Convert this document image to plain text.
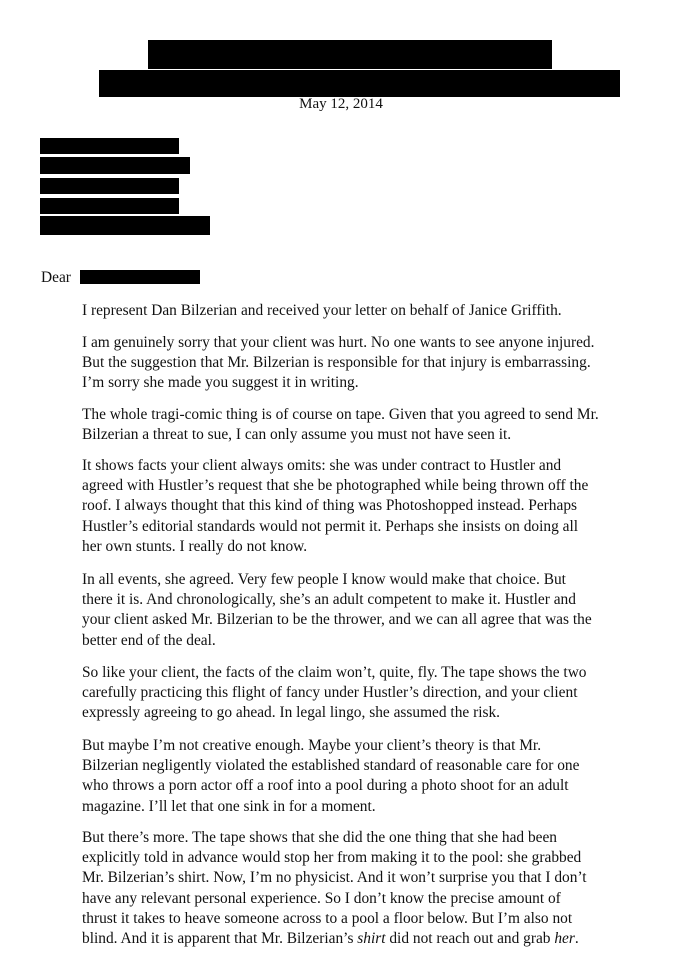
May 12, 2014
Dear

I represent Dan Bilzerian and received your letter on behalf of Janice Griffith.

I am genuinely sorry that your client was hurt. No one wants to see anyone injured.

But the suggestion that Mr. Bilzerian is responsible for that injury is embarrassing.

I’m sorry she made you suggest it in writing.

The whole tragi-comic thing is of course on tape. Given that you agreed to send Mr.

Bilzerian a threat to sue, I can only assume you must not have seen it.

It shows facts your client always omits: she was under contract to Hustler and

agreed with Hustler’s request that she be photographed while being thrown off the

roof. I always thought that this kind of thing was Photoshopped instead. Perhaps

Hustler’s editorial standards would not permit it. Perhaps she insists on doing all

her own stunts. I really do not know.

In all events, she agreed. Very few people I know would make that choice. But

there it is. And chronologically, she’s an adult competent to make it. Hustler and

your client asked Mr. Bilzerian to be the thrower, and we can all agree that was the

better end of the deal.

So like your client, the facts of the claim won’t, quite, fly. The tape shows the two

carefully practicing this flight of fancy under Hustler’s direction, and your client

expressly agreeing to go ahead. In legal lingo, she assumed the risk.

But maybe I’m not creative enough. Maybe your client’s theory is that Mr.

Bilzerian negligently violated the established standard of reasonable care for one

who throws a porn actor off a roof into a pool during a photo shoot for an adult

magazine. I’ll let that one sink in for a moment.

But there’s more. The tape shows that she did the one thing that she had been

explicitly told in advance would stop her from making it to the pool: she grabbed

Mr. Bilzerian’s shirt. Now, I’m no physicist. And it won’t surprise you that I don’t

have any relevant personal experience. So I don’t know the precise amount of

thrust it takes to heave someone across to a pool a floor below. But I’m also not

blind. And it is apparent that Mr. Bilzerian’s shirt did not reach out and grab her.
